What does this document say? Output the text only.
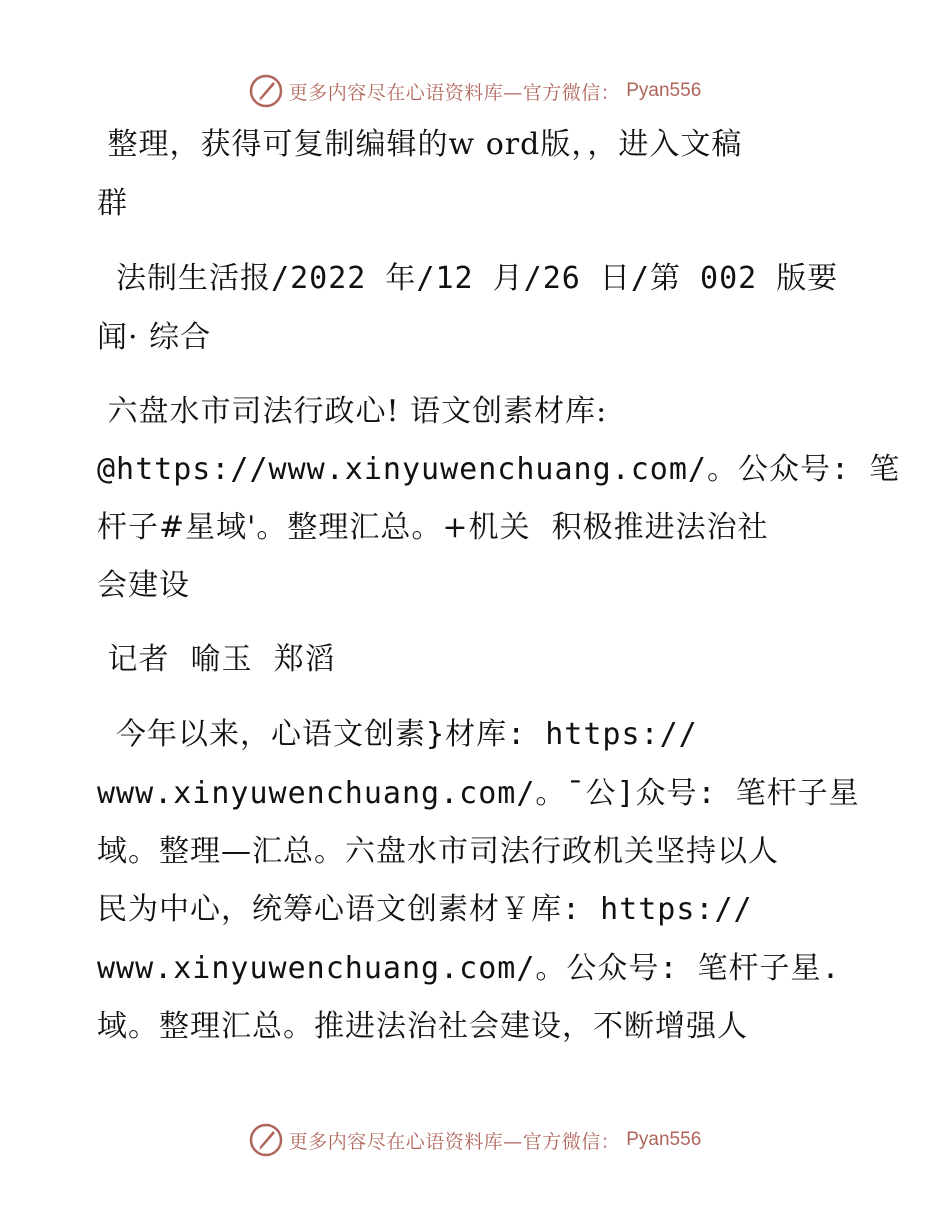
更多内容尽在心语资料库—官方微信： Pyan556
整理，获得可复制编辑的w ord版，，进入文稿
群
法制生活报/2022 年/12 月/26 日/第 002 版要
闻· 综合
六盘水市司法行政心! 语文创素材库:
@https://www.xinyuwenchuang.com/。公众号: 笔
杆子#星域'。整理汇总。+机关  积极推进法治社
会建设
记者  喻玉  郑滔
今年以来，心语文创素}材库: https://
www.xinyuwenchuang.com/。¯公]众号: 笔杆子星
域。整理—汇总。六盘水市司法行政机关坚持以人
民为中心，统筹心语文创素材￥库: https://
www.xinyuwenchuang.com/。公众号: 笔杆子星.
域。整理汇总。推进法治社会建设，不断增强人
更多内容尽在心语资料库—官方微信： Pyan556
